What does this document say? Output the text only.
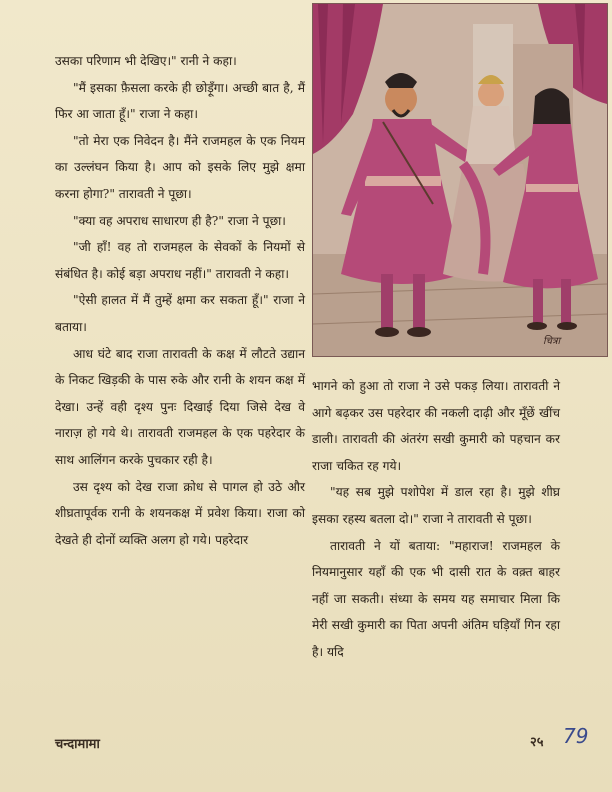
उसका परिणाम भी देखिए।" रानी ने कहा।

"मैं इसका फ़ैसला करके ही छोड़ूँगा। अच्छी बात है, मैं फिर आ जाता हूँ।" राजा ने कहा।

"तो मेरा एक निवेदन है। मैंने राजमहल के एक नियम का उल्लंघन किया है। आप को इसके लिए मुझे क्षमा करना होगा?" तारावती ने पूछा।

"क्या वह अपराध साधारण ही है?" राजा ने पूछा।

"जी हाँ! वह तो राजमहल के सेवकों के नियमों से संबंधित है। कोई बड़ा अपराध नहीं।" तारावती ने कहा।

"ऐसी हालत में मैं तुम्हें क्षमा कर सकता हूँ।" राजा ने बताया।

आध घंटे बाद राजा तारावती के कक्ष में लौटते उद्यान के निकट खिड़की के पास रुके और रानी के शयन कक्ष में देखा। उन्हें वही दृश्य पुनः दिखाई दिया जिसे देख वे नाराज़ हो गये थे। तारावती राजमहल के एक पहरेदार के साथ आलिंगन करके पुचकार रही है।

उस दृश्य को देख राजा क्रोध से पागल हो उठे और शीघ्रतापूर्वक रानी के शयनकक्ष में प्रवेश किया। राजा को देखते ही दोनों व्यक्ति अलग हो गये। पहरेदार

चित्रा

भागने को हुआ तो राजा ने उसे पकड़ लिया। तारावती ने आगे बढ़कर उस पहरेदार की नकली दाढ़ी और मूँछें खींच डाली। तारावती की अंतरंग सखी कुमारी को पहचान कर राजा चकित रह गये।

"यह सब मुझे पशोपेश में डाल रहा है। मुझे शीघ्र इसका रहस्य बतला दो।" राजा ने तारावती से पूछा।

तारावती ने यों बताया: "महाराज! राजमहल के नियमानुसार यहाँ की एक भी दासी रात के वक़्त बाहर नहीं जा सकती। संध्या के समय यह समाचार मिला कि मेरी सखी कुमारी का पिता अपनी अंतिम घड़ियाँ गिन रहा है। यदि

चन्दामामा	२५ 79
